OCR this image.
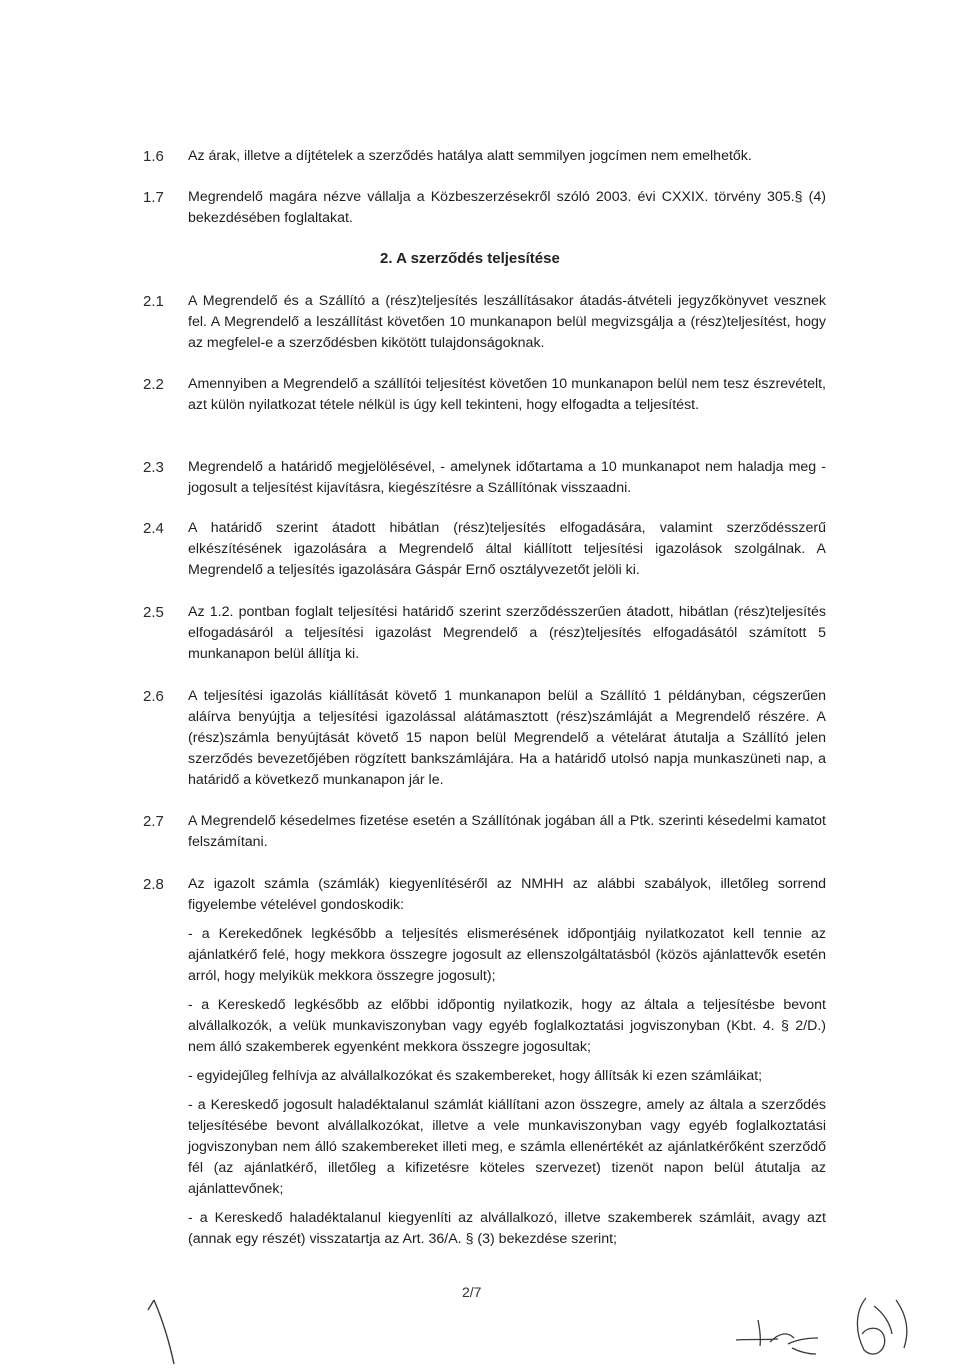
1.6 Az árak, illetve a díjtételek a szerződés hatálya alatt semmilyen jogcímen nem emelhetők.
1.7 Megrendelő magára nézve vállalja a Közbeszerzésekről szóló 2003. évi CXXIX. törvény 305.§ (4) bekezdésében foglaltakat.
2. A szerződés teljesítése
2.1 A Megrendelő és a Szállító a (rész)teljesítés leszállításakor átadás-átvételi jegyzőkönyvet vesznek fel. A Megrendelő a leszállítást követően 10 munkanapon belül megvizsgálja a (rész)teljesítést, hogy az megfelel-e a szerződésben kikötött tulajdonságoknak.
2.2 Amennyiben a Megrendelő a szállítói teljesítést követően 10 munkanapon belül nem tesz észrevételt, azt külön nyilatkozat tétele nélkül is úgy kell tekinteni, hogy elfogadta a teljesítést.
2.3 Megrendelő a határidő megjelölésével, - amelynek időtartama a 10 munkanapot nem haladja meg - jogosult a teljesítést kijavításra, kiegészítésre a Szállítónak visszaadni.
2.4 A határidő szerint átadott hibátlan (rész)teljesítés elfogadására, valamint szerződésszerű elkészítésének igazolására a Megrendelő által kiállított teljesítési igazolások szolgálnak. A Megrendelő a teljesítés igazolására Gáspár Ernő osztályvezetőt jelöli ki.
2.5 Az 1.2. pontban foglalt teljesítési határidő szerint szerződésszerűen átadott, hibátlan (rész)teljesítés elfogadásáról a teljesítési igazolást Megrendelő a (rész)teljesítés elfogadásától számított 5 munkanapon belül állítja ki.
2.6 A teljesítési igazolás kiállítását követő 1 munkanapon belül a Szállító 1 példányban, cégszerűen aláírva benyújtja a teljesítési igazolással alátámasztott (rész)számláját a Megrendelő részére. A (rész)számla benyújtását követő 15 napon belül Megrendelő a vételárat átutalja a Szállító jelen szerződés bevezetőjében rögzített bankszámlájára. Ha a határidő utolsó napja munkaszüneti nap, a határidő a következő munkanapon jár le.
2.7 A Megrendelő késedelmes fizetése esetén a Szállítónak jogában áll a Ptk. szerinti késedelmi kamatot felszámítani.
2.8 Az igazolt számla (számlák) kiegyenlítéséről az NMHH az alábbi szabályok, illetőleg sorrend figyelembe vételével gondoskodik:
- a Kerekedőnek legkésőbb a teljesítés elismerésének időpontjáig nyilatkozatot kell tennie az ajánlatkérő felé, hogy mekkora összegre jogosult az ellenszolgáltatásból (közös ajánlattevők esetén arról, hogy melyikük mekkora összegre jogosult);
- a Kereskedő legkésőbb az előbbi időpontig nyilatkozik, hogy az általa a teljesítésbe bevont alvállalkozók, a velük munkaviszonyban vagy egyéb foglalkoztatási jogviszonyban (Kbt. 4. § 2/D.) nem álló szakemberek egyenként mekkora összegre jogosultak;
- egyidejűleg felhívja az alvállalkozókat és szakembereket, hogy állítsák ki ezen számláikat;
- a Kereskedő jogosult haladéktalanul számlát kiállítani azon összegre, amely az általa a szerződés teljesítésébe bevont alvállalkozókat, illetve a vele munkaviszonyban vagy egyéb foglalkoztatási jogviszonyban nem álló szakembereket illeti meg, e számla ellenértékét az ajánlatkérőként szerződő fél (az ajánlatkérő, illetőleg a kifizetésre köteles szervezet) tizenöt napon belül átutalja az ajánlattevőnek;
- a Kereskedő haladéktalanul kiegyenlíti az alvállalkozó, illetve szakemberek számláit, avagy azt (annak egy részét) visszatartja az Art. 36/A. § (3) bekezdése szerint;
2/7
